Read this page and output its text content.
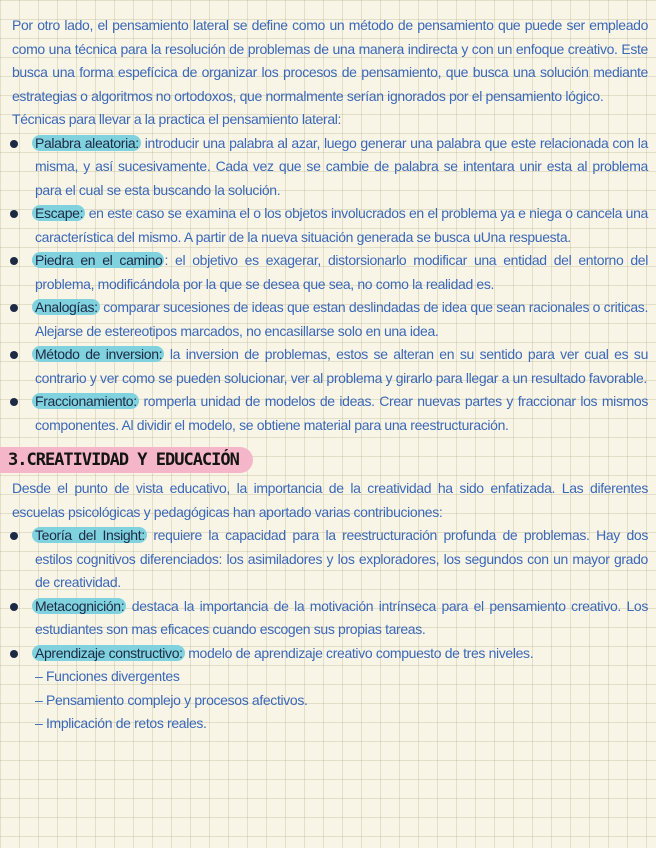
Por otro lado, el pensamiento lateral se define como un método de pensamiento que puede ser empleado como una técnica para la resolución de problemas de una manera indirecta y con un enfoque creativo. Este busca una forma espefícica de organizar los procesos de pensamiento, que busca una solución mediante estrategias o algoritmos no ortodoxos, que normalmente serían ignorados por el pensamiento lógico.

Técnicas para llevar a la practica el pensamiento lateral:

Palabra aleatoria: introducir una palabra al azar, luego generar una palabra que este relacionada con la misma, y así sucesivamente. Cada vez que se cambie de palabra se intentara unir esta al problema para el cual se esta buscando la solución.
Escape: en este caso se examina el o los objetos involucrados en el problema ya e niega o cancela una característica del mismo. A partir de la nueva situación generada se busca uUna respuesta.
Piedra en el camino : el objetivo es exagerar, distorsionarlo modificar una entidad del entorno del problema, modificándola por la que se desea que sea, no como la realidad es.
Analogías: comparar sucesiones de ideas que estan deslindadas de idea que sean racionales o criticas. Alejarse de estereotipos marcados, no encasillarse solo en una idea.
Método de inversion: la inversion de problemas, estos se alteran en su sentido para ver cual es su contrario y ver como se pueden solucionar, ver al problema y girarlo para llegar a un resultado favorable.
Fraccionamiento: romperla unidad de modelos de ideas. Crear nuevas partes y fraccionar los mismos componentes. Al dividir el modelo, se obtiene material para una reestructuración.
3.CREATIVIDAD Y EDUCACIÓN

Desde el punto de vista educativo, la importancia de la creatividad ha sido enfatizada. Las diferentes escuelas psicológicas y pedagógicas han aportado varias contribuciones:

Teoría del Insight: requiere la capacidad para la reestructuración profunda de problemas. Hay dos estilos cognitivos diferenciados: los asimiladores y los exploradores, los segundos con un mayor grado de creatividad.
Metacognición: destaca la importancia de la motivación intrínseca para el pensamiento creativo. Los estudiantes son mas eficaces cuando escogen sus propias tareas.
Aprendizaje constructivo: modelo de aprendizaje creativo compuesto de tres niveles.
– Funciones divergentes
– Pensamiento complejo y procesos afectivos.
– Implicación de retos reales.
